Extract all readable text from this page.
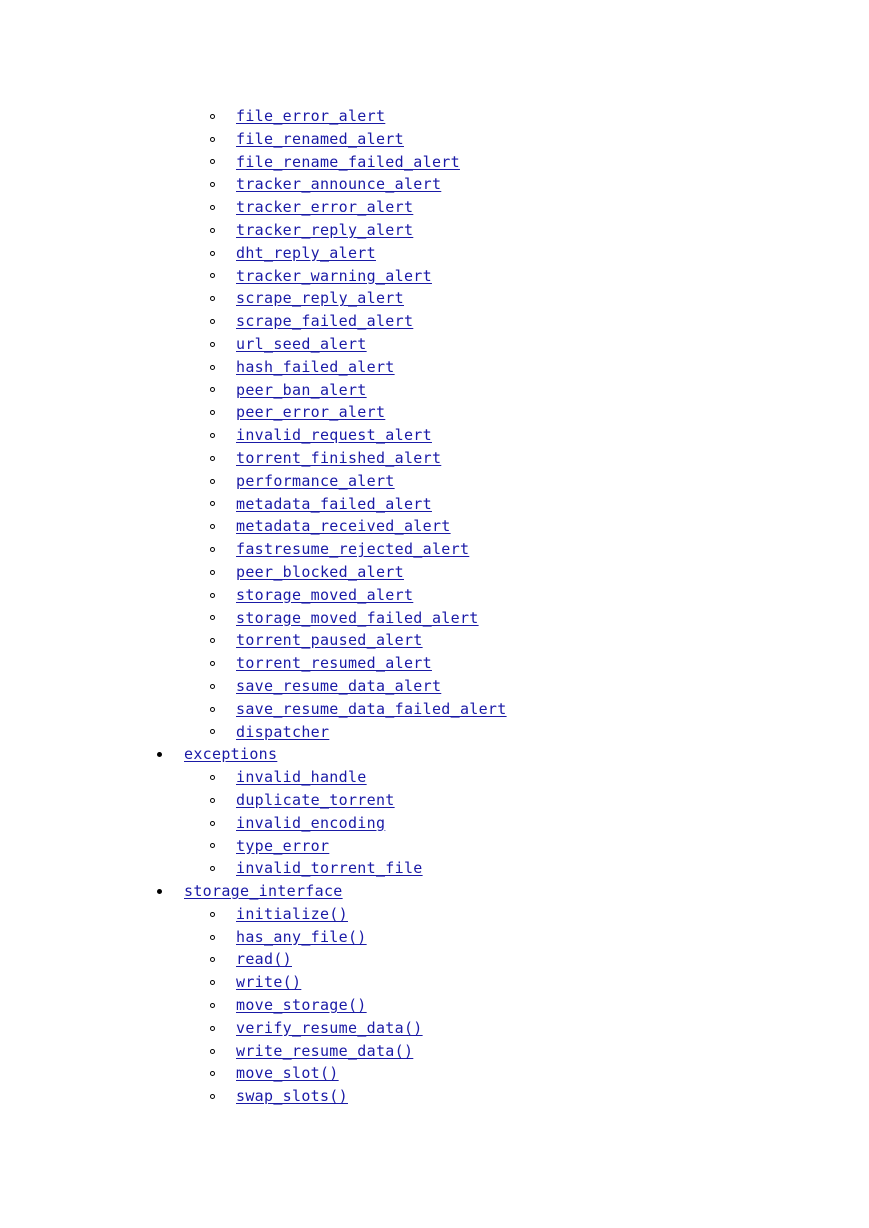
file_error_alert
file_renamed_alert
file_rename_failed_alert
tracker_announce_alert
tracker_error_alert
tracker_reply_alert
dht_reply_alert
tracker_warning_alert
scrape_reply_alert
scrape_failed_alert
url_seed_alert
hash_failed_alert
peer_ban_alert
peer_error_alert
invalid_request_alert
torrent_finished_alert
performance_alert
metadata_failed_alert
metadata_received_alert
fastresume_rejected_alert
peer_blocked_alert
storage_moved_alert
storage_moved_failed_alert
torrent_paused_alert
torrent_resumed_alert
save_resume_data_alert
save_resume_data_failed_alert
dispatcher
exceptions
invalid_handle
duplicate_torrent
invalid_encoding
type_error
invalid_torrent_file
storage_interface
initialize()
has_any_file()
read()
write()
move_storage()
verify_resume_data()
write_resume_data()
move_slot()
swap_slots()
